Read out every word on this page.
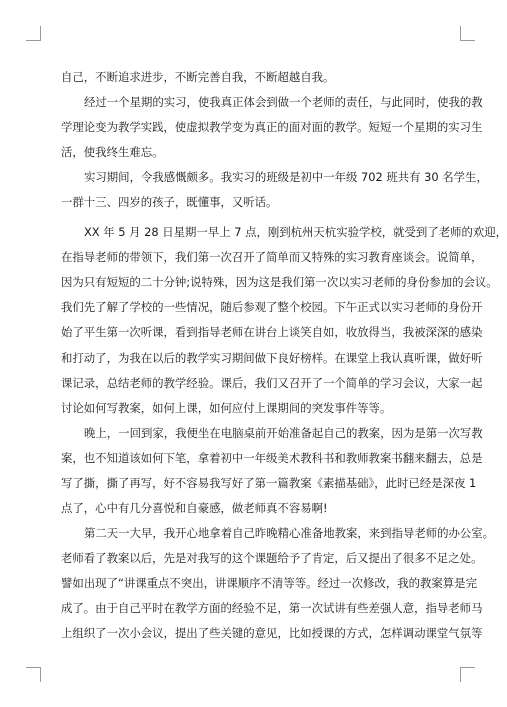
自己，不断追求进步，不断完善自我，不断超越自我。
经过一个星期的实习，使我真正体会到做一个老师的责任，与此同时，使我的教
学理论变为教学实践，使虚拟教学变为真正的面对面的教学。短短一个星期的实习生
活，使我终生难忘。
实习期间，令我感慨颇多。我实习的班级是初中一年级 702 班共有 30 名学生，
一群十三、四岁的孩子，既懂事，又听话。
XX 年 5 月 28 日星期一早上 7 点，刚到杭州天杭实验学校，就受到了老师的欢迎，
在指导老师的带领下，我们第一次召开了简单而又特殊的实习教育座谈会。说简单，
因为只有短短的二十分钟;说特殊，因为这是我们第一次以实习老师的身份参加的会议。
我们先了解了学校的一些情况，随后参观了整个校园。下午正式以实习老师的身份开
始了平生第一次听课，看到指导老师在讲台上谈笑自如，收放得当，我被深深的感染
和打动了，为我在以后的教学实习期间做下良好榜样。在课堂上我认真听课，做好听
课记录，总结老师的教学经验。课后，我们又召开了一个简单的学习会议，大家一起
讨论如何写教案，如何上课，如何应付上课期间的突发事件等等。
晚上，一回到家，我便坐在电脑桌前开始准备起自己的教案，因为是第一次写教
案，也不知道该如何下笔，拿着初中一年级美术教科书和教师教案书翻来翻去，总是
写了撕，撕了再写，好不容易我写好了第一篇教案《素描基础》，此时已经是深夜 1
点了，心中有几分喜悦和自豪感，做老师真不容易啊!
第二天一大早，我开心地拿着自己昨晚精心准备地教案，来到指导老师的办公室。
老师看了教案以后，先是对我写的这个课题给予了肯定，后又提出了很多不足之处。
譬如出现了“讲课重点不突出，讲课顺序不清等等。经过一次修改，我的教案算是完
成了。由于自己平时在教学方面的经验不足，第一次试讲有些差强人意，指导老师马
上组织了一次小会议，提出了些关键的意见，比如授课的方式，怎样调动课堂气氛等
